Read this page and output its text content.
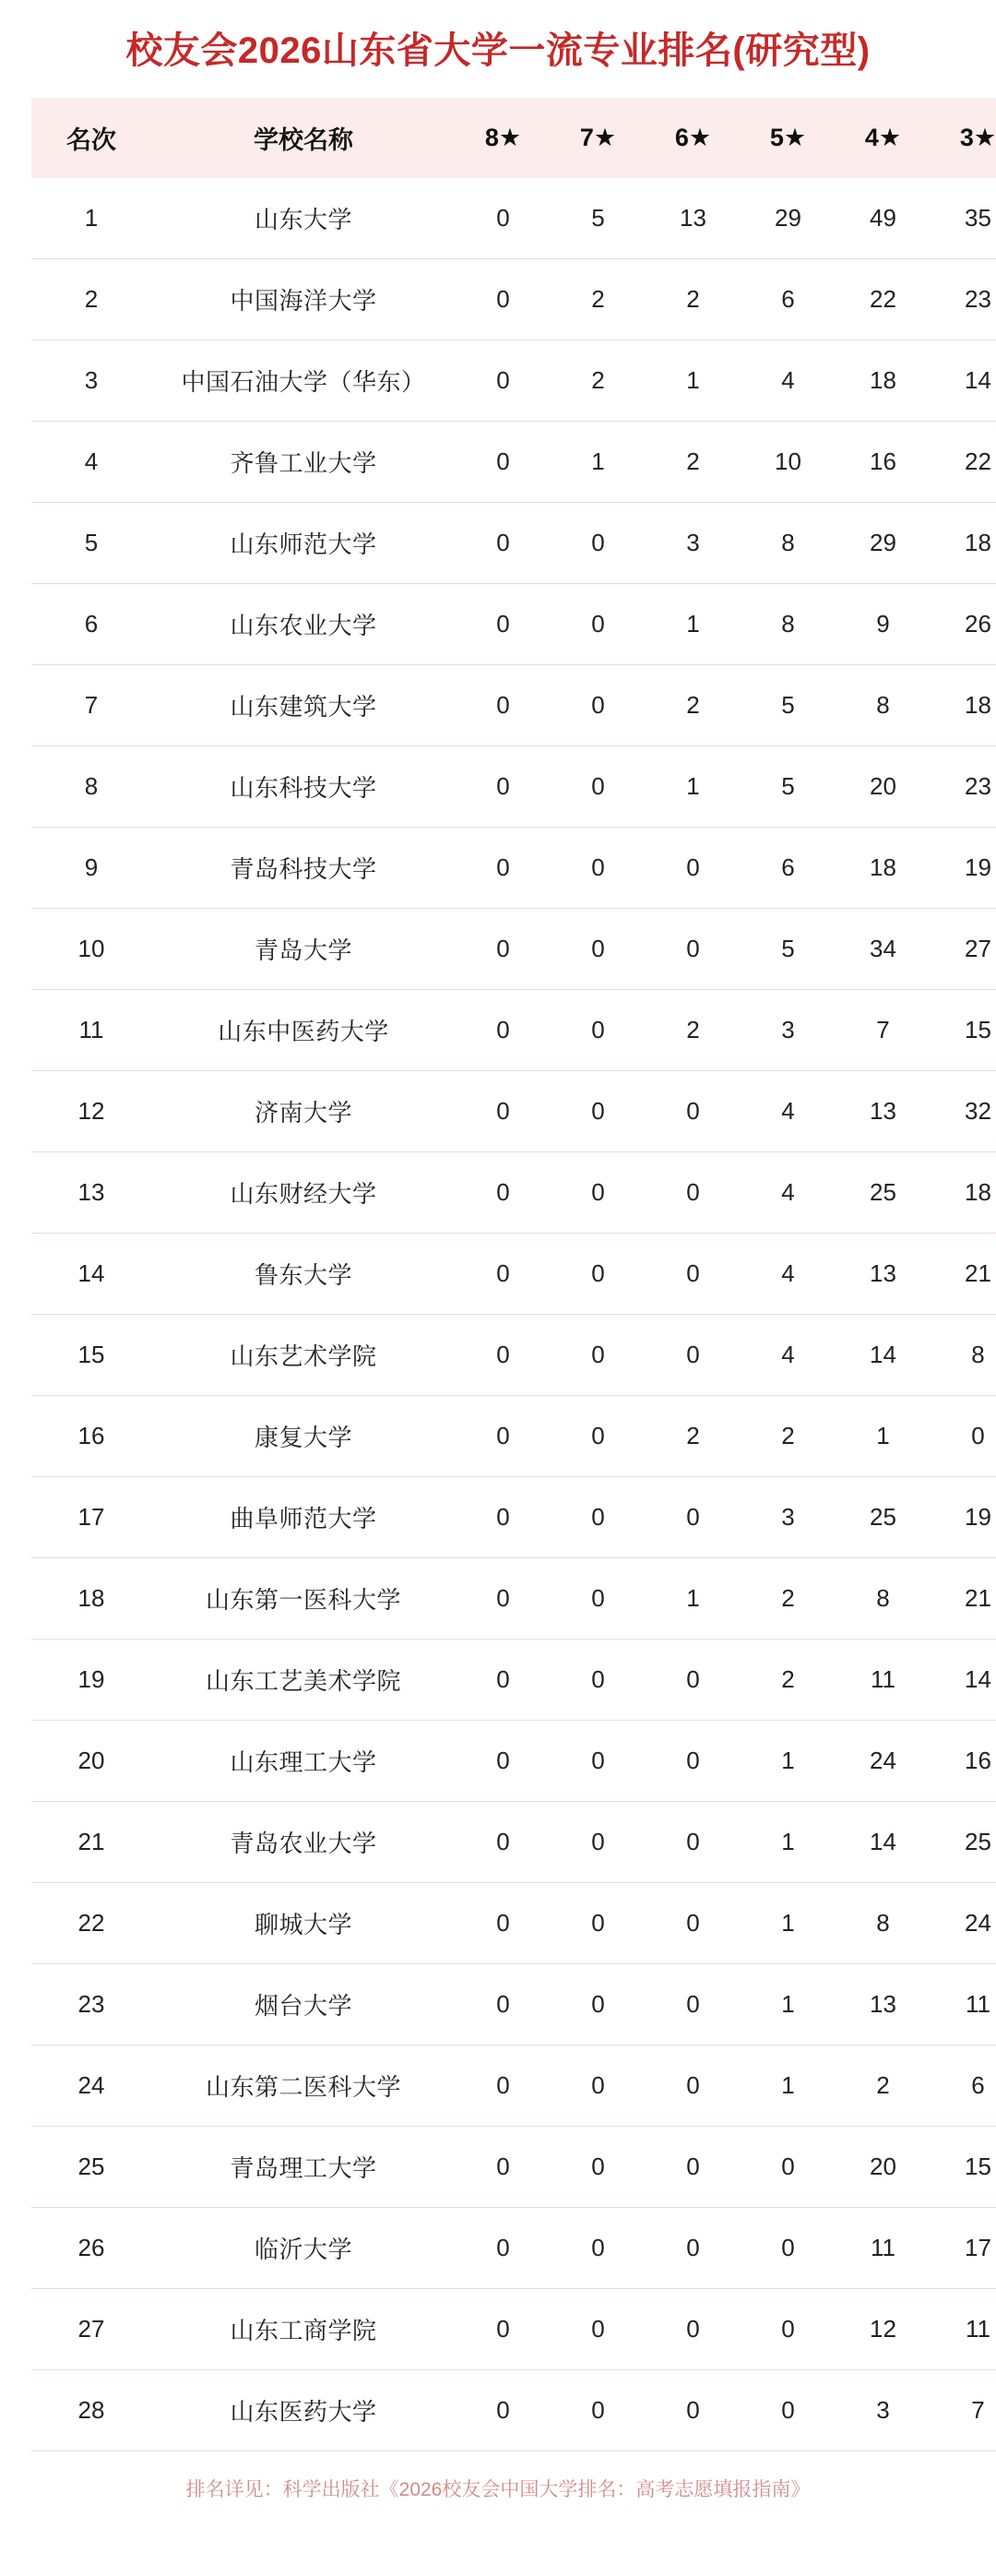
校友会2026山东省大学一流专业排名(研究型)
名次	学校名称	8★	7★	6★	5★	4★	3★
1	山东大学	0	5	13	29	49	35
2	中国海洋大学	0	2	2	6	22	23
3	中国石油大学（华东）	0	2	1	4	18	14
4	齐鲁工业大学	0	1	2	10	16	22
5	山东师范大学	0	0	3	8	29	18
6	山东农业大学	0	0	1	8	9	26
7	山东建筑大学	0	0	2	5	8	18
8	山东科技大学	0	0	1	5	20	23
9	青岛科技大学	0	0	0	6	18	19
10	青岛大学	0	0	0	5	34	27
11	山东中医药大学	0	0	2	3	7	15
12	济南大学	0	0	0	4	13	32
13	山东财经大学	0	0	0	4	25	18
14	鲁东大学	0	0	0	4	13	21
15	山东艺术学院	0	0	0	4	14	8
16	康复大学	0	0	2	2	1	0
17	曲阜师范大学	0	0	0	3	25	19
18	山东第一医科大学	0	0	1	2	8	21
19	山东工艺美术学院	0	0	0	2	11	14
20	山东理工大学	0	0	0	1	24	16
21	青岛农业大学	0	0	0	1	14	25
22	聊城大学	0	0	0	1	8	24
23	烟台大学	0	0	0	1	13	11
24	山东第二医科大学	0	0	0	1	2	6
25	青岛理工大学	0	0	0	0	20	15
26	临沂大学	0	0	0	0	11	17
27	山东工商学院	0	0	0	0	12	11
28	山东医药大学	0	0	0	0	3	7
排名详见：科学出版社《2026校友会中国大学排名：高考志愿填报指南》
